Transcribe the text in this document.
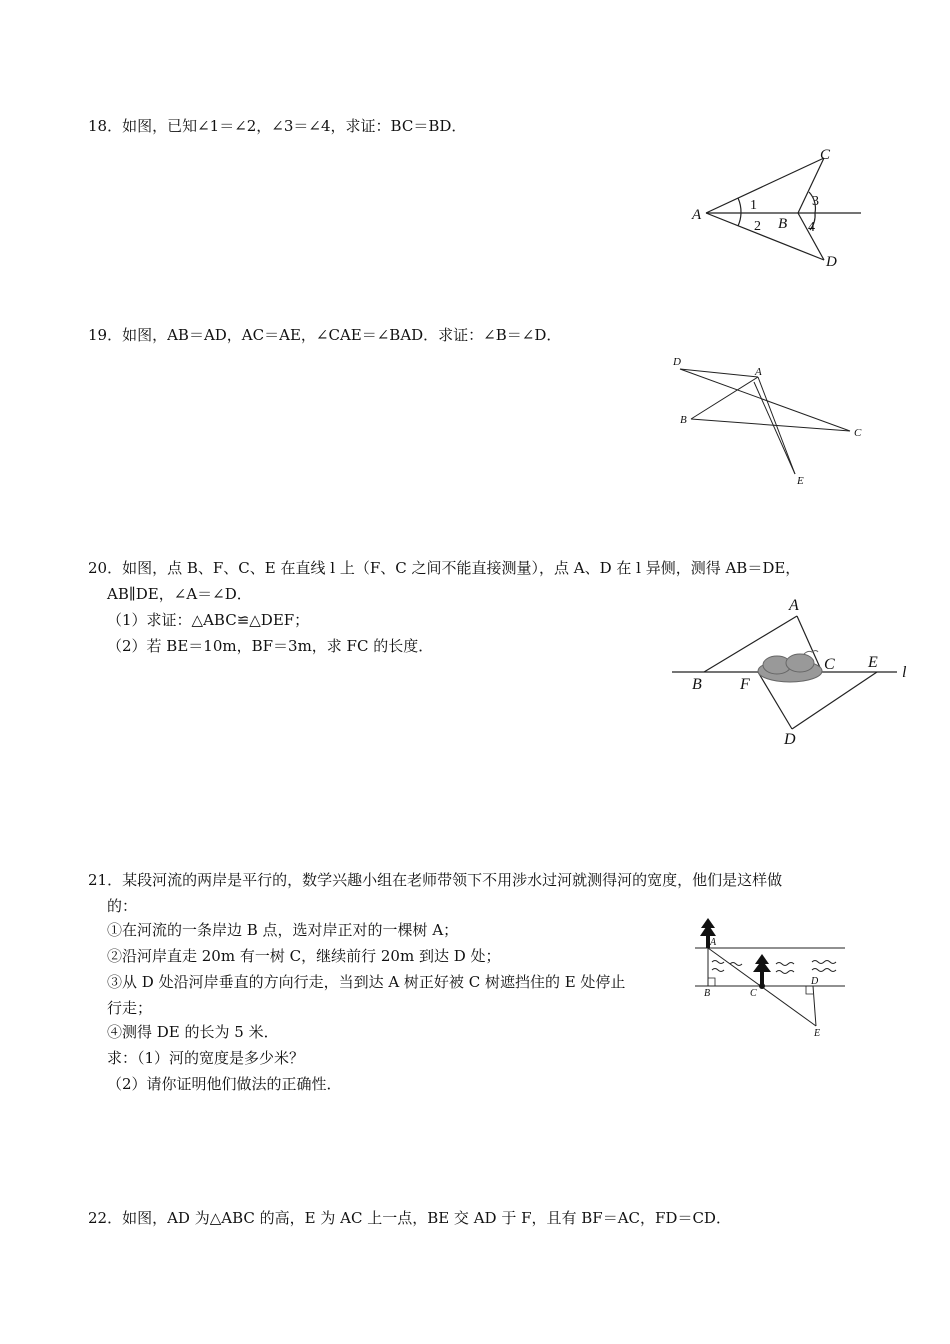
18．如图，已知∠1＝∠2，∠3＝∠4，求证：BC＝BD．
A
B
C
D
1
2
3
4
19．如图，AB＝AD，AC＝AE，∠CAE＝∠BAD．求证：∠B＝∠D．
D
A
B
C
E
20．如图，点 B、F、C、E 在直线 l 上（F、C 之间不能直接测量），点 A、D 在 l 异侧，测得 AB＝DE，
AB∥DE，∠A＝∠D．
（1）求证：△ABC≌△DEF；
（2）若 BE＝10m，BF＝3m，求 FC 的长度．
B F
A
C E
D
l
21．某段河流的两岸是平行的，数学兴趣小组在老师带领下不用涉水过河就测得河的宽度，他们是这样做
的：
①在河流的一条岸边 B 点，选对岸正对的一棵树 A；
②沿河岸直走 20m 有一树 C，继续前行 20m 到达 D 处；
③从 D 处沿河岸垂直的方向行走，当到达 A 树正好被 C 树遮挡住的 E 处停止
行走；
④测得 DE 的长为 5 米．
求：（1）河的宽度是多少米？
（2）请你证明他们做法的正确性．
A
B	C
D
E
22．如图，AD 为△ABC 的高，E 为 AC 上一点，BE 交 AD 于 F，且有 BF＝AC，FD＝CD．
